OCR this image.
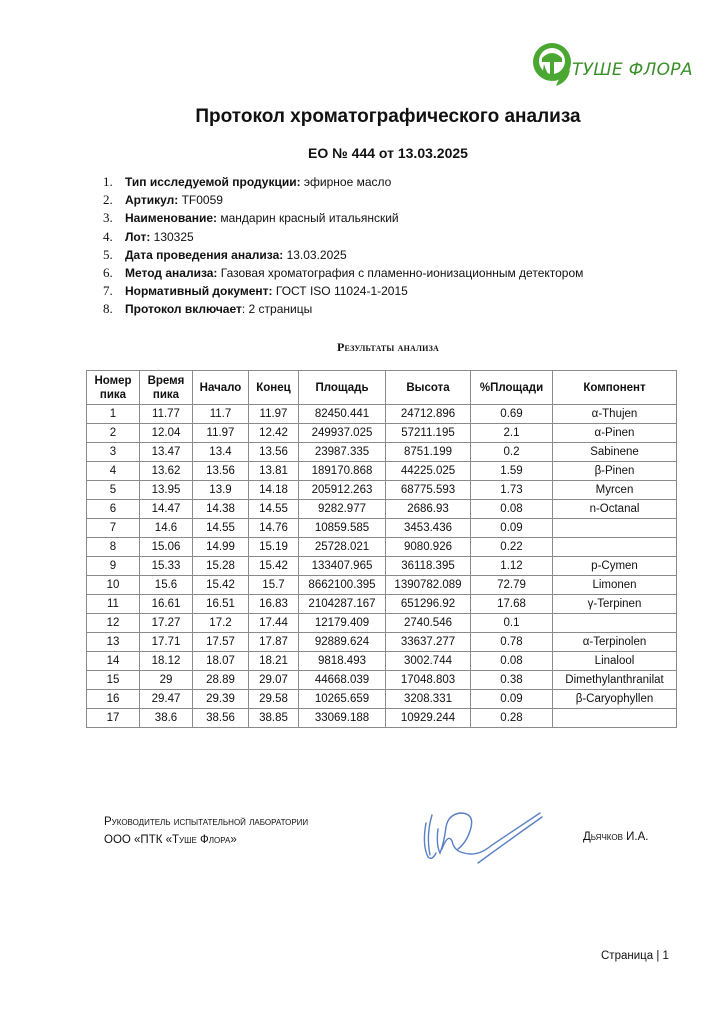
ТУШЕ ФЛОРА
Протокол хроматографического анализа
ЕО № 444 от 13.03.2025
1. Тип исследуемой продукции: эфирное масло
2. Артикул: TF0059
3. Наименование: мандарин красный итальянский
4. Лот: 130325
5. Дата проведения анализа: 13.03.2025
6. Метод анализа: Газовая хроматография с пламенно-ионизационным детектором
7. Нормативный документ: ГОСТ ISO 11024-1-2015
8. Протокол включает: 2 страницы
Результаты анализа
Номер пика	Время пика	Начало	Конец	Площадь	Высота	%Площади	Компонент
1	11.77	11.7	11.97	82450.441	24712.896	0.69	α-Thujen
2	12.04	11.97	12.42	249937.025	57211.195	2.1	α-Pinen
3	13.47	13.4	13.56	23987.335	8751.199	0.2	Sabinene
4	13.62	13.56	13.81	189170.868	44225.025	1.59	β-Pinen
5	13.95	13.9	14.18	205912.263	68775.593	1.73	Myrcen
6	14.47	14.38	14.55	9282.977	2686.93	0.08	n-Octanal
7	14.6	14.55	14.76	10859.585	3453.436	0.09	
8	15.06	14.99	15.19	25728.021	9080.926	0.22	
9	15.33	15.28	15.42	133407.965	36118.395	1.12	p-Cymen
10	15.6	15.42	15.7	8662100.395	1390782.089	72.79	Limonen
11	16.61	16.51	16.83	2104287.167	651296.92	17.68	γ-Terpinen
12	17.27	17.2	17.44	12179.409	2740.546	0.1	
13	17.71	17.57	17.87	92889.624	33637.277	0.78	α-Terpinolen
14	18.12	18.07	18.21	9818.493	3002.744	0.08	Linalool
15	29	28.89	29.07	44668.039	17048.803	0.38	Dimethylanthranilat
16	29.47	29.39	29.58	10265.659	3208.331	0.09	β-Caryophyllen
17	38.6	38.56	38.85	33069.188	10929.244	0.28	
Руководитель испытательной лаборатории
ООО «ПТК «Туше Флора»	Дьячков И.А.
Страница | 1
